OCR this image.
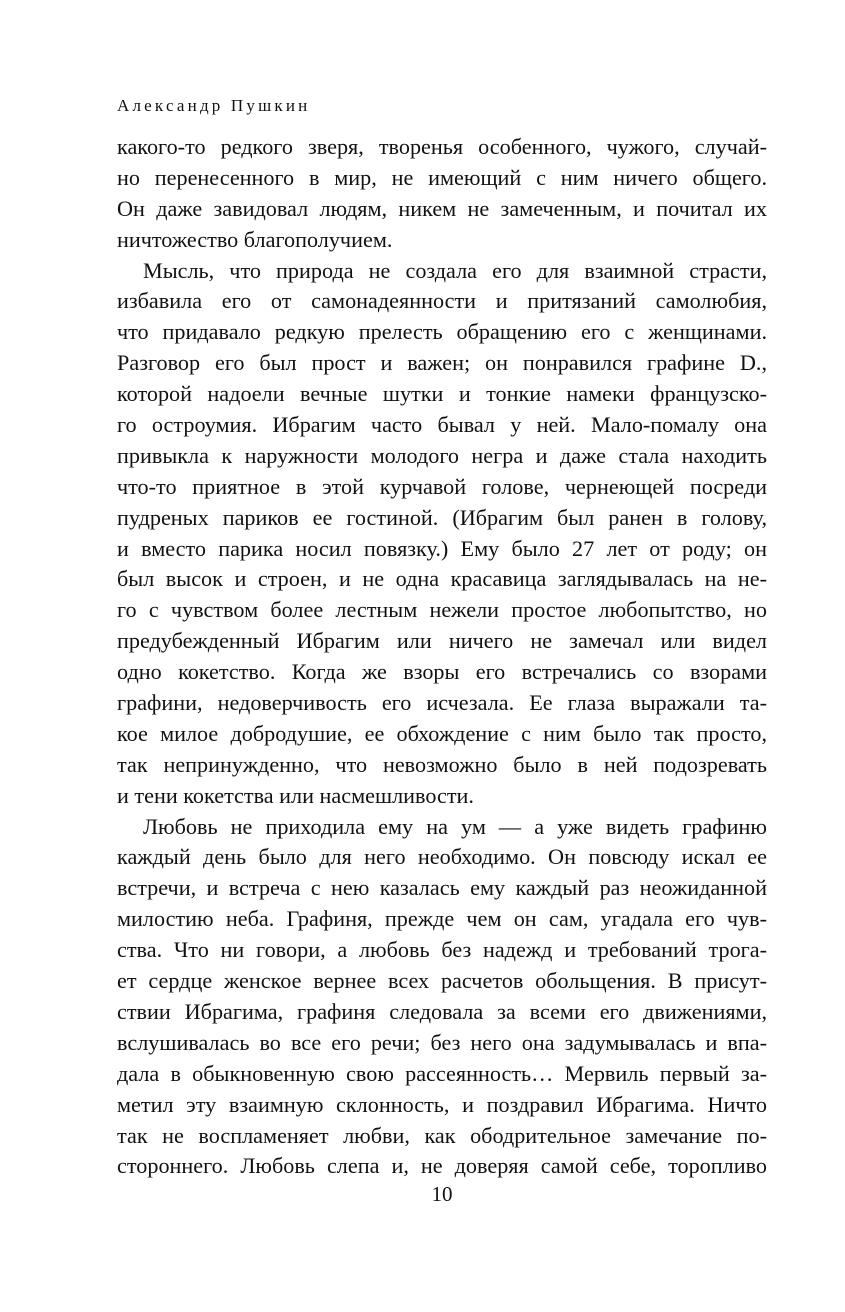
Александр Пушкин
какого-то редкого зверя, творенья особенного, чужого, случай-
но перенесенного в мир, не имеющий с ним ничего общего.
Он даже завидовал людям, никем не замеченным, и почитал их
ничтожество благополучием.
Мысль, что природа не создала его для взаимной страсти,
избавила его от самонадеянности и притязаний самолюбия,
что придавало редкую прелесть обращению его с женщинами.
Разговор его был прост и важен; он понравился графине D.,
которой надоели вечные шутки и тонкие намеки французско-
го остроумия. Ибрагим часто бывал у ней. Мало-помалу она
привыкла к наружности молодого негра и даже стала находить
что-то приятное в этой курчавой голове, чернеющей посреди
пудреных париков ее гостиной. (Ибрагим был ранен в голову,
и вместо парика носил повязку.) Ему было 27 лет от роду; он
был высок и строен, и не одна красавица заглядывалась на не-
го с чувством более лестным нежели простое любопытство, но
предубежденный Ибрагим или ничего не замечал или видел
одно кокетство. Когда же взоры его встречались со взорами
графини, недоверчивость его исчезала. Ее глаза выражали та-
кое милое добродушие, ее обхождение с ним было так просто,
так непринужденно, что невозможно было в ней подозревать
и тени кокетства или насмешливости.
Любовь не приходила ему на ум — а уже видеть графиню
каждый день было для него необходимо. Он повсюду искал ее
встречи, и встреча с нею казалась ему каждый раз неожиданной
милостию неба. Графиня, прежде чем он сам, угадала его чув-
ства. Что ни говори, а любовь без надежд и требований трога-
ет сердце женское вернее всех расчетов обольщения. В присут-
ствии Ибрагима, графиня следовала за всеми его движениями,
вслушивалась во все его речи; без него она задумывалась и впа-
дала в обыкновенную свою рассеянность… Мервиль первый за-
метил эту взаимную склонность, и поздравил Ибрагима. Ничто
так не воспламеняет любви, как ободрительное замечание по-
стороннего. Любовь слепа и, не доверяя самой себе, торопливо
10
